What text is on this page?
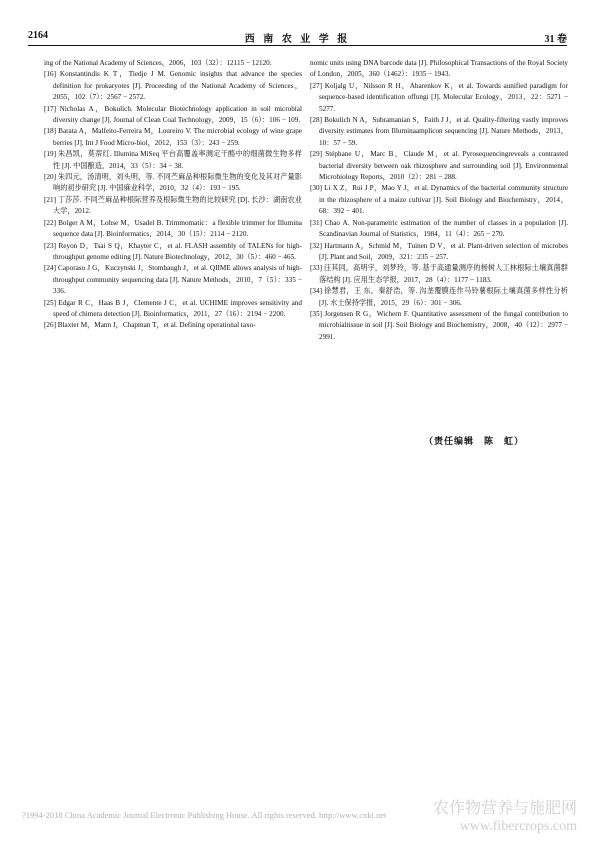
2164	西 南 农 业 学 报	31 卷

ing of the National Academy of Sciences，2006，103（32）：12115 − 12120.

[16] Konstantindis K T，Tiedje J M. Genomic insights that advance the species definition for prokaryotes [J]. Proceeding of the National Academy of Sciences，2055，102（7）：2567 − 2572.

[17] Nicholas A，Bokulich. Molecular Biotechnology application in soil microbial diversity change [J]. Journal of Clean Coal Technology，2009，15（6）：106 − 109.

[18] Barata A，Malfeito-Ferreira M，Loureiro V. The microbial ecology of wine grape berries [J]. Int J Food Micro-biol，2012，153（3）：243 − 259.

[19] 朱昌凯，莫蒂红. Illumina MiSeq 平台高覆盖率测定干酪中的细菌微生物多样性 [J]. 中国酿造，2014，33（5）：34 − 38.

[20] 朱四元，汤清明，刘头明，等. 不同苎麻品种根际微生物的变化及其对产量影响的初步研究 [J]. 中国麻业科学，2010，32（4）：193 − 195.

[21] 丁莎莎. 不同苎麻品种根际营养及根际微生物的比较研究 [D]. 长沙：湖南农业大学，2012.

[22] Bolger A M，Lohse M，Usadel B. Trimmomatic：a flexible trimmer for Illumina sequence data [J]. Bioinformatics，2014，30（15）：2114 − 2120.

[23] Reyon D，Tsai S Q，Khayter C，et al. FLASH assembly of TALENs for high-throughput genome editing [J]. Nature Biotechnology，2012，30（5）：460 − 465.

[24] Caporaso J G，Kuczynski J，Stombaugh J，et al. QIIME allows analysis of high-throughput community sequencing data [J]. Nature Methods，2010，7（5）：335 − 336.

[25] Edgar R C，Haas B J，Clemente J C，et al. UCHIME improves sensitivity and speed of chimera detection [J]. Bioinformatics，2011，27（16）：2194 − 2200.

[26] Blaxter M，Mann J，Chapman T，et al. Defining operational taxo-

nomic units using DNA barcode data [J]. Philosophical Transactions of the Royal Society of London，2005，360（1462）：1935 − 1943.

[27] Koljalg U，Nilsson R H，Abarenkov K，et al. Towards aunified paradigm for sequence-based identification offungi [J]. Molecular Ecology，2013，22：5271 − 5277.

[28] Bokulich N A，Subramanian S，Faith J J，et al. Quality-filtering vastly improves diversity estimates from Illuminaamplicon sequencing [J]. Nature Methods，2013，10：57 − 59.

[29] Stéphane U，Marc B，Claude M，et al. Pyrosequencingreveals a contrasted bacterial diversity between oak rhizosphere and surrounding soil [J]. Environmental Microbiology Reports，2010（2）：281 − 288.

[30] Li X Z，Rui J P，Mao Y J，et al. Dynamics of the bacterial community structure in the rhizosphere of a maize cultivar [J]. Soil Biology and Biochemistry，2014，68：392 − 401.

[31] Chao A. Non-parametric estimation of the number of classes in a population [J]. Scandinavian Journal of Statistics，1984，11（4）：265 − 270.

[32] Hartmann A，Schmid M，Tuinen D V，et al. Plant-driven selection of microbes [J]. Plant and Soil，2009，321：235 − 257.

[33] 汪其同，高明宇，刘梦玲，等. 基于高通量测序的杨树人工林根际土壤真菌群落结构 [J]. 应用生态学报，2017，28（4）：1177 − 1183.

[34] 徐慧君，王 东，秦舒浩，等. 沟垄覆膜连作马铃薯根际土壤真菌多样性分析 [J]. 水土保持学报，2015，29（6）：301 − 306.

[35] Jorgensen R G，Wichern F. Quantitative assessment of the fungal contribution to microbialtissue in soil [J]. Soil Biology and Biochemistry，2008，40（12）：2977 − 2991.

（责任编辑　陈　虹）
?1994-2018 China Academic Journal Electronic Publishing House. All rights reserved. http://www.cnki.net	农作物营养与施肥网
www.fibercrops.com
